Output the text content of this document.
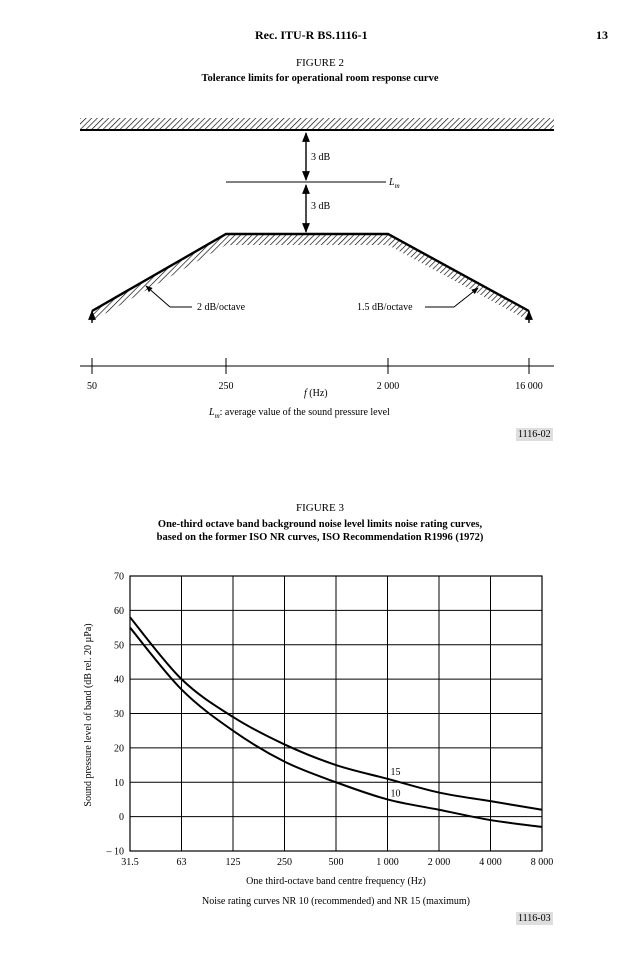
Rec. ITU-R BS.1116-1	13
FIGURE 2
Tolerance limits for operational room response curve
3 dB
3 dB
$L_m$
2 dB/octave	1.5 dB/octave
50	250	2 000	16 000
f (Hz)
$L_m$: average value of the sound pressure level
1116-02
FIGURE 3
One-third octave band background noise level limits noise rating curves,
based on the former ISO NR curves, ISO Recommendation R1996 (1972)
70
60
50
40
30
20
10
0
– 10
31.5	63	125	250	500	1 000	2 000	4 000	8 000
15
10
Sound pressure level of band (dB rel. 20 µPa)
One third-octave band centre frequency (Hz)
Noise rating curves NR 10 (recommended) and NR 15 (maximum)
1116-03
